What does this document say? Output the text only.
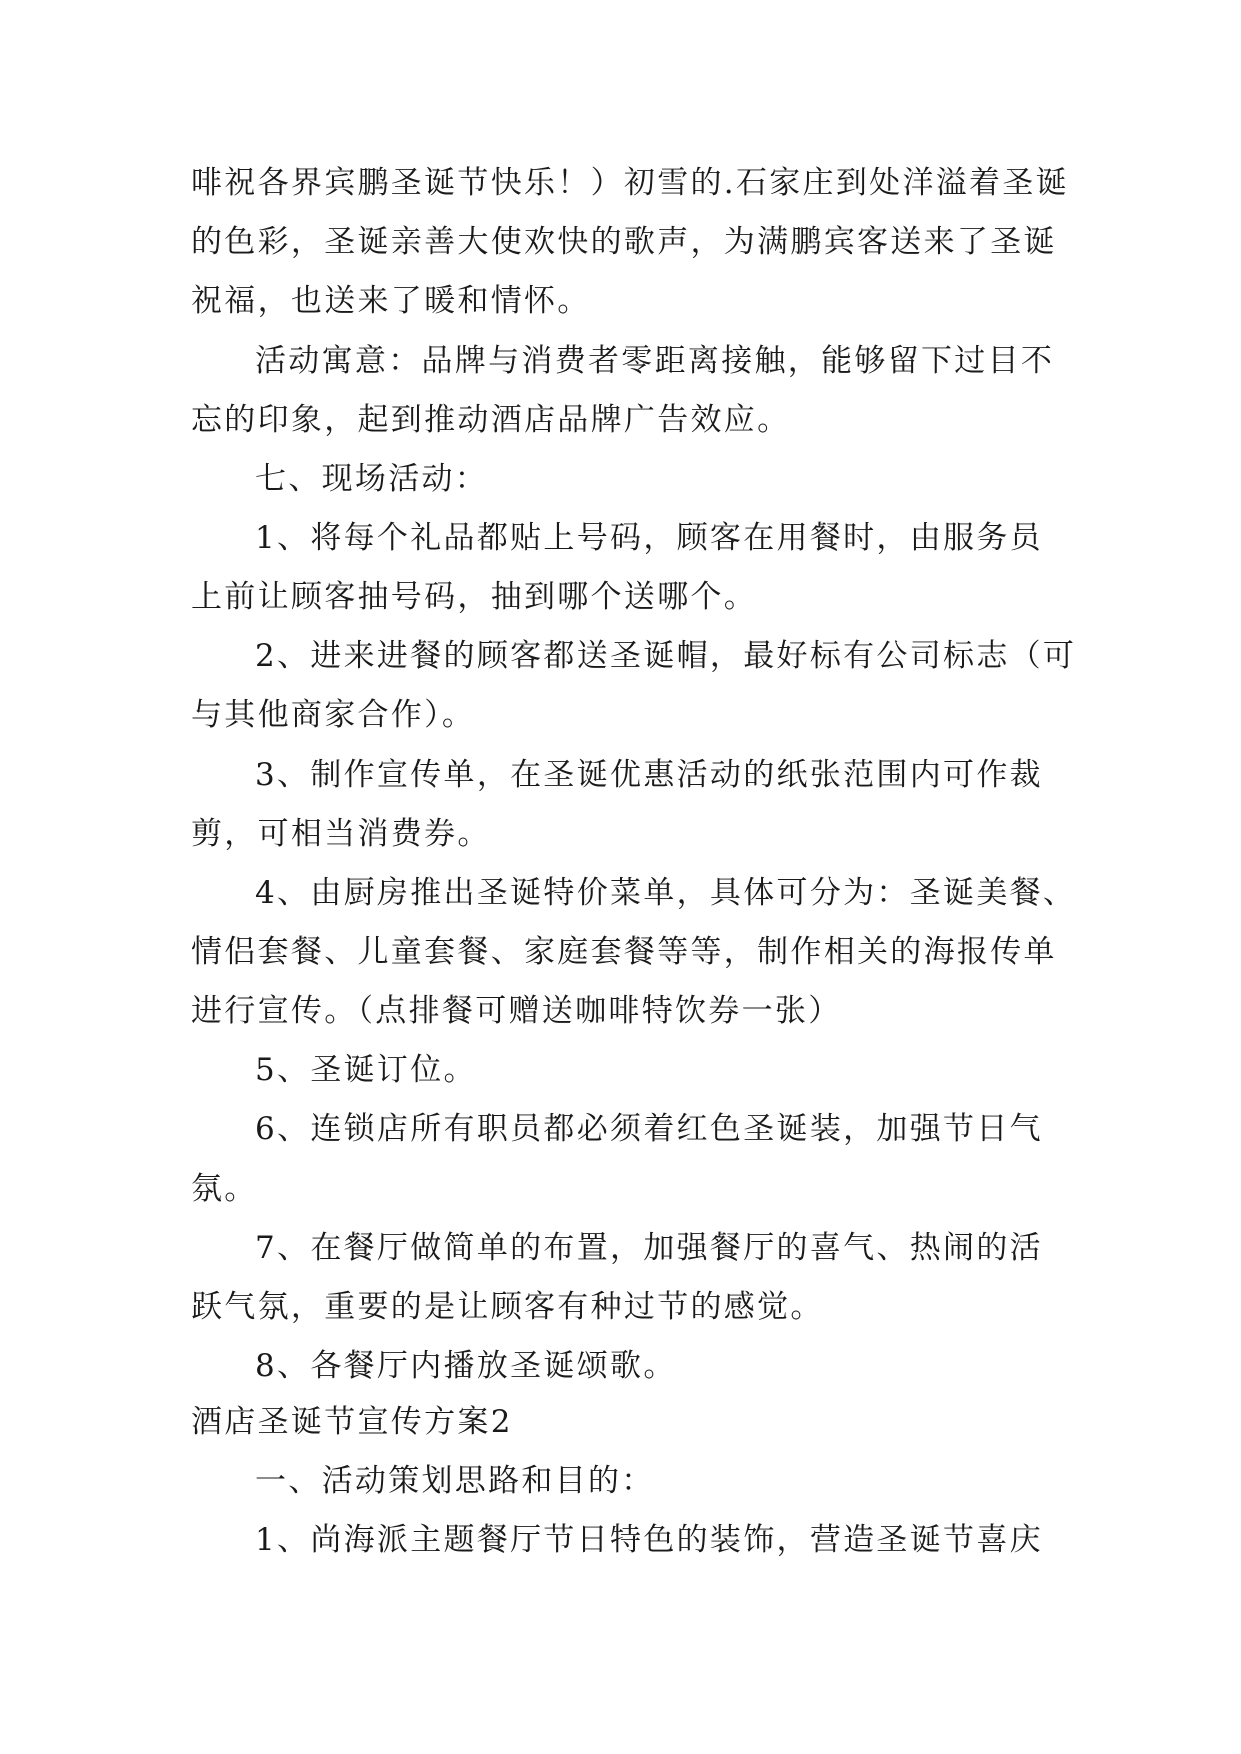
啡祝各界宾鹏圣诞节快乐！）初雪的.石家庄到处洋溢着圣诞
的色彩，圣诞亲善大使欢快的歌声，为满鹏宾客送来了圣诞
祝福，也送来了暖和情怀。
活动寓意：品牌与消费者零距离接触，能够留下过目不
忘的印象，起到推动酒店品牌广告效应。
七、现场活动：
1、将每个礼品都贴上号码，顾客在用餐时，由服务员
上前让顾客抽号码，抽到哪个送哪个。
2、进来进餐的顾客都送圣诞帽，最好标有公司标志（可
与其他商家合作）。
3、制作宣传单，在圣诞优惠活动的纸张范围内可作裁
剪，可相当消费券。
4、由厨房推出圣诞特价菜单，具体可分为：圣诞美餐、
情侣套餐、儿童套餐、家庭套餐等等，制作相关的海报传单
进行宣传。（点排餐可赠送咖啡特饮券一张）
5、圣诞订位。
6、连锁店所有职员都必须着红色圣诞装，加强节日气
氛。
7、在餐厅做简单的布置，加强餐厅的喜气、热闹的活
跃气氛，重要的是让顾客有种过节的感觉。
8、各餐厅内播放圣诞颂歌。
酒店圣诞节宣传方案2
一、活动策划思路和目的：
1、尚海派主题餐厅节日特色的装饰，营造圣诞节喜庆
